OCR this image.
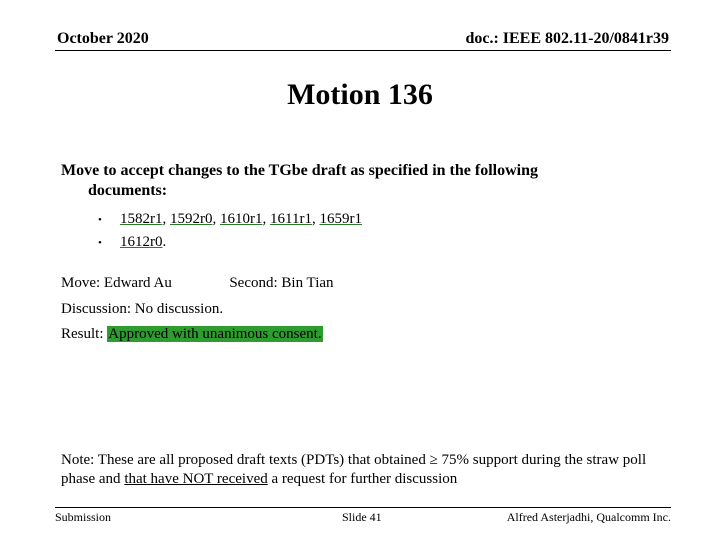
October 2020	doc.: IEEE 802.11-20/0841r39
Motion 136
Move to accept changes to the TGbe draft as specified in the following
documents:
• 1582r1, 1592r0, 1610r1, 1611r1, 1659r1
• 1612r0.
Move: Edward Au	Second: Bin Tian
Discussion: No discussion.
Result: Approved with unanimous consent.
Note: These are all proposed draft texts (PDTs) that obtained ≥ 75% support during the straw poll phase and that have NOT received a request for further discussion
Submission	Slide 41	Alfred Asterjadhi, Qualcomm Inc.
